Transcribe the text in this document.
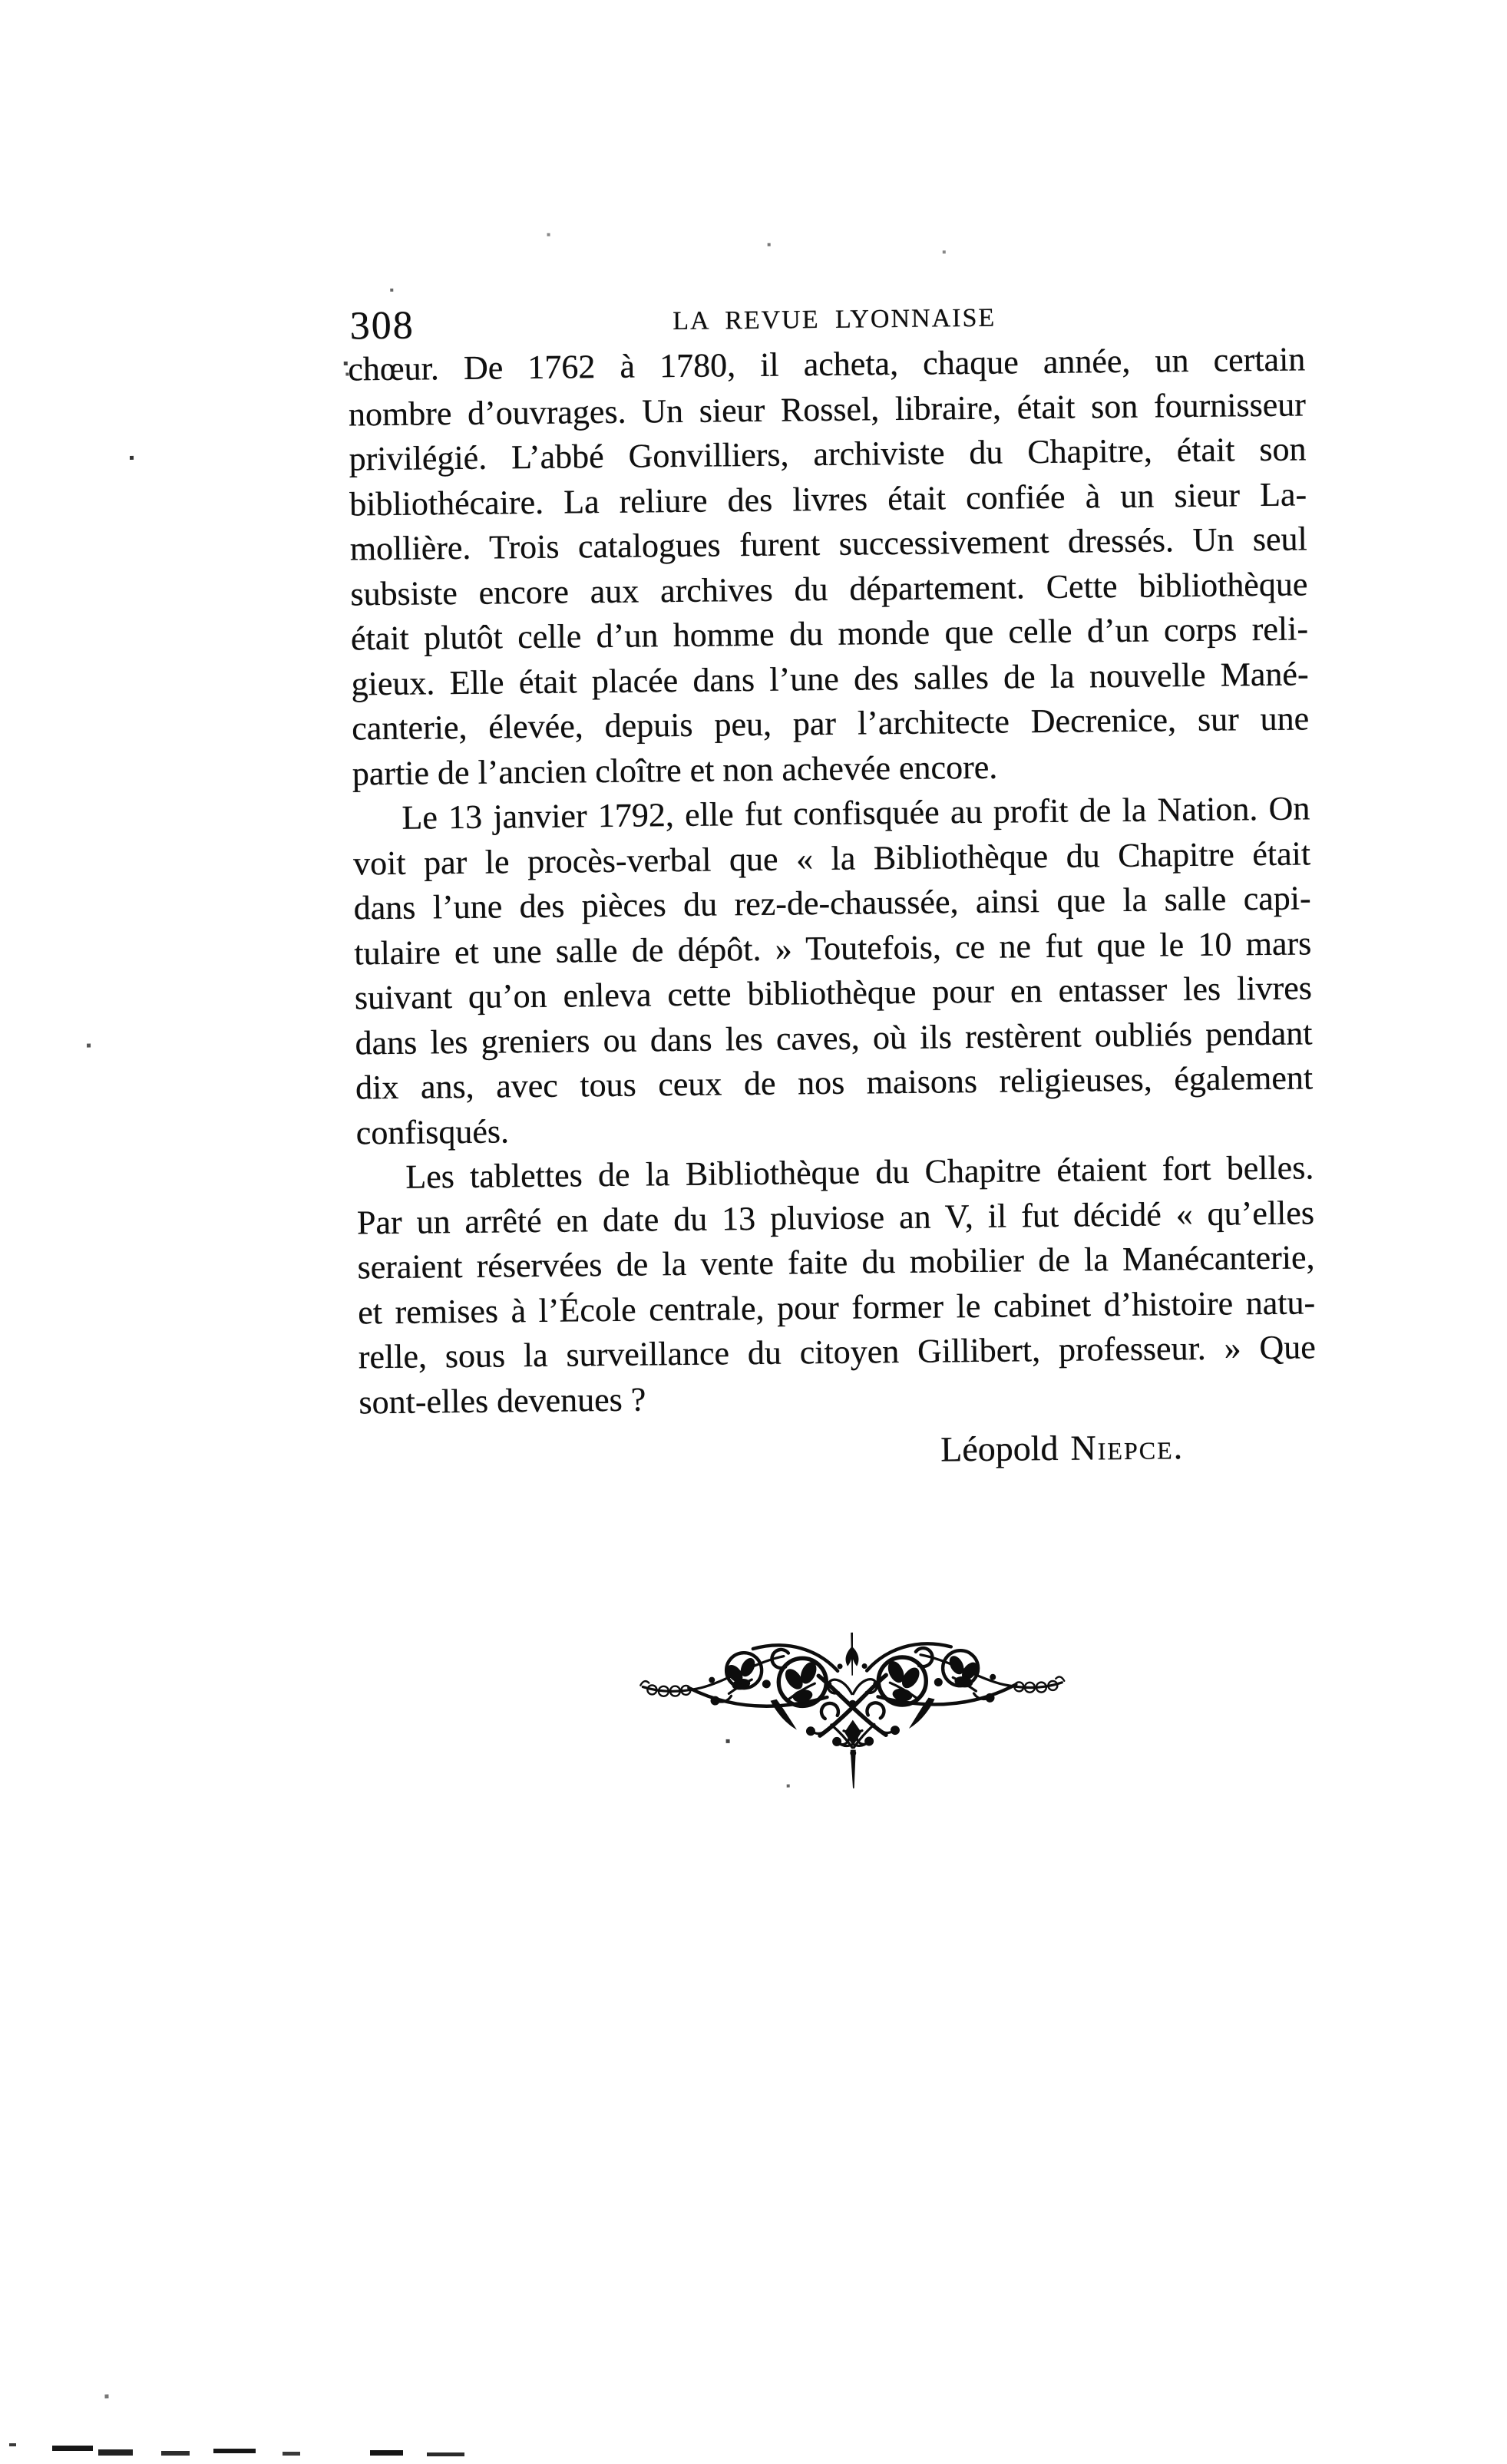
308	LA REVUE LYONNAISE
chœur. De 1762 à 1780, il acheta, chaque année, un certain
nombre d’ouvrages. Un sieur Rossel, libraire, était son fournisseur
privilégié. L’abbé Gonvilliers, archiviste du Chapitre, était son
bibliothécaire. La reliure des livres était confiée à un sieur La-
mollière. Trois catalogues furent successivement dressés. Un seul
subsiste encore aux archives du département. Cette bibliothèque
était plutôt celle d’un homme du monde que celle d’un corps reli-
gieux. Elle était placée dans l’une des salles de la nouvelle Mané-
canterie, élevée, depuis peu, par l’architecte Decrenice, sur une
partie de l’ancien cloître et non achevée encore.
Le 13 janvier 1792, elle fut confisquée au profit de la Nation. On
voit par le procès-verbal que « la Bibliothèque du Chapitre était
dans l’une des pièces du rez-de-chaussée, ainsi que la salle capi-
tulaire et une salle de dépôt. » Toutefois, ce ne fut que le 10 mars
suivant qu’on enleva cette bibliothèque pour en entasser les livres
dans les greniers ou dans les caves, où ils restèrent oubliés pendant
dix ans, avec tous ceux de nos maisons religieuses, également
confisqués.
Les tablettes de la Bibliothèque du Chapitre étaient fort belles.
Par un arrêté en date du 13 pluviose an V, il fut décidé « qu’elles
seraient réservées de la vente faite du mobilier de la Manécanterie,
et remises à l’École centrale, pour former le cabinet d’histoire natu-
relle, sous la surveillance du citoyen Gillibert, professeur. » Que
sont-elles devenues ?
Léopold Niepce.
